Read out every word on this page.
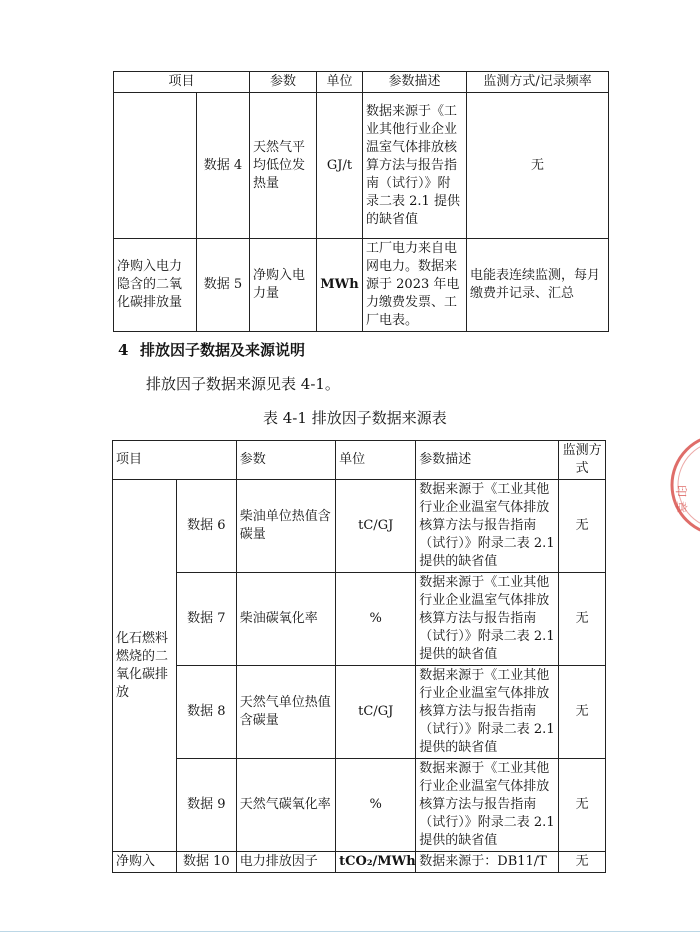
项目		参数	单位	参数描述	监测方式/记录频率
	数据 4	天然气平均低位发热量	GJ/t	数据来源于《工业其他行业企业温室气体排放核算方法与报告指南（试行）》附录二表 2.1 提供的缺省值	无
净购入电力隐含的二氧化碳排放量	数据 5	净购入电力量	MWh	工厂电力来自电网电力。数据来源于 2023 年电力缴费发票、工厂电表。	电能表连续监测，每月缴费并记录、汇总

4 排放因子数据及来源说明

排放因子数据来源见表 4-1。

表 4-1 排放因子数据来源表

项目		参数	单位	参数描述	监测方式
化石燃料燃烧的二氧化碳排放	数据 6	柴油单位热值含碳量	tC/GJ	数据来源于《工业其他行业企业温室气体排放核算方法与报告指南（试行）》附录二表 2.1 提供的缺省值	无
	数据 7	柴油碳氧化率	%	数据来源于《工业其他行业企业温室气体排放核算方法与报告指南（试行）》附录二表 2.1 提供的缺省值	无
	数据 8	天然气单位热值含碳量	tC/GJ	数据来源于《工业其他行业企业温室气体排放核算方法与报告指南（试行）》附录二表 2.1 提供的缺省值	无
	数据 9	天然气碳氧化率	%	数据来源于《工业其他行业企业温室气体排放核算方法与报告指南（试行）》附录二表 2.1 提供的缺省值	无
净购入	数据 10	电力排放因子	tCO₂/MWh	数据来源于：DB11/T	无
印 章
